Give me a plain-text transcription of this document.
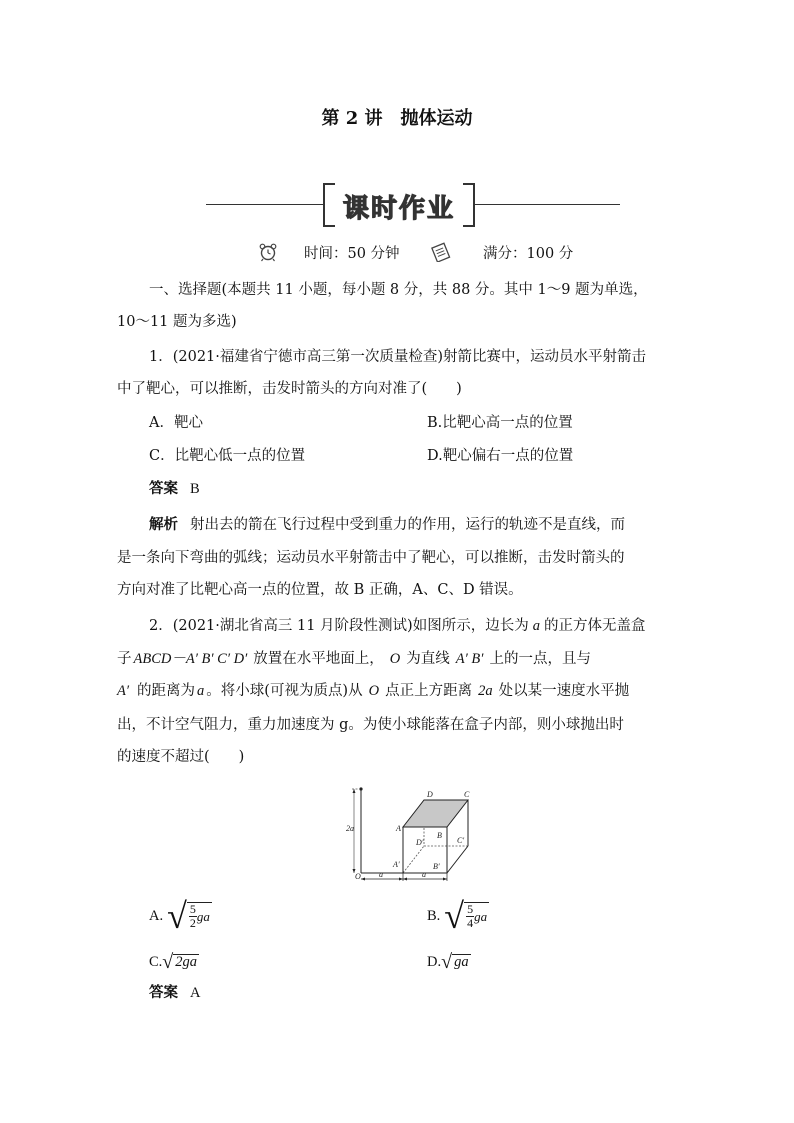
第 2 讲　抛体运动
课时作业
时间：50 分钟	满分：100 分
一、选择题(本题共 11 小题，每小题 8 分，共 88 分。其中 1～9 题为单选，
10～11 题为多选)
1．(2021·福建省宁德市高三第一次质量检查)射箭比赛中，运动员水平射箭击
中了靶心，可以推断，击发时箭头的方向对准了(　　)
A．靶心	B.比靶心高一点的位置
C．比靶心低一点的位置	D.靶心偏右一点的位置
答案 B
解析 射出去的箭在飞行过程中受到重力的作用，运行的轨迹不是直线，而
是一条向下弯曲的弧线；运动员水平射箭击中了靶心，可以推断，击发时箭头的
方向对准了比靶心高一点的位置，故 B 正确，A、C、D 错误。
2．(2021·湖北省高三 11 月阶段性测试)如图所示，边长为 a 的正方体无盖盒
子 ABCD－A′ B′ C′ D′ 放置在水平地面上， O 为直线 A′ B′ 上的一点，且与
A′ 的距离为 a 。将小球(可视为质点)从 O 点正上方距离 2a 处以某一速度水平抛
出，不计空气阻力，重力加速度为 g。为使小球能落在盒子内部，则小球抛出时
的速度不超过(　　)
2a
D	C
A
B
D′	C′
A′	B′
O a	a
A. √ $\frac{5}{2}$ ga	B. √ $\frac{5}{4}$ ga
C. √ 2ga	D. √ ga
答案 A
